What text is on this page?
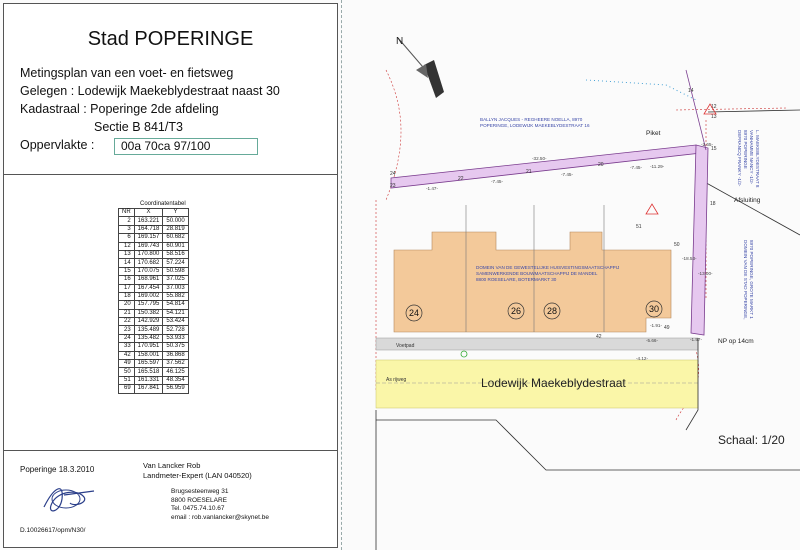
Stad POPERINGE
Metingsplan van een voet- en fietsweg
Gelegen : Lodewijk Maekeblydestraat naast 30
Kadastraal : Poperinge 2de afdeling
Sectie B 841/T3
Oppervlakte :	00a 70ca 97/100
Coordinatentabel
NR	X	Y
2	163.221	50.000
3	164.718	28.819
6	169.157	60.682
12	169.743	60.901
13	170.800	58.516
14	170.682	57.224
15	170.075	50.598
16	168.961	37.025
17	167.454	37.003
18	169.002	55.882
20	157.795	54.814
21	150.382	54.121
22	142.929	53.424
23	135.489	52.728
24	135.482	53.933
33	170.951	50.375
42	158.001	36.868
49	165.597	37.562
50	165.518	46.125
51	161.331	48.354
69	167.841	56.959
Poperinge 18.3.2010	Van Lancker Rob
Landmeter-Expert (LAN 040520)
Brugsesteenweg 31
8800 ROESELARE
Tel. 0475.74.10.67
email : rob.vanlancker@skynet.be
D.10026617/opm/N30/
N
Voetpad
As rijweg	Lodewijk Maekeblydestraat
24	26	28	30
BALLYN JACQUES - REGHEERE NOELLA, 8970
POPERINGE, LODEWIJK MAEKEBLYDESTRAAT 16
DOMEIN VAN DE GEWESTELIJKE HUISVESTINGSMAATSCHAPPIJ
SAMENWERKENDE BOUWMAATSCHAPPIJ DE MANDEL
8800 ROESELARE, BOTERMARKT 30
DEFRANCQ FRANKY -1/2- 8970 POPERINGE VANHAMME NANCY -1/2- L. MAEKEBLYDESTRAAT 8
DOMEIN VAN DE STAD POPERINGE, 8970 POPERINGE, GROTE MARKT 1
Piket
Afsluiting
NP op 14cm
Schaal: 1/20
24
23
22
21
20
14
12
13
15
18
51
50
49
42
-32.50-
-1.47-
-7.45-
-7.45-
-7.45- -11.29-
-1.91-
-1.57-
-5.66-
-18.53-
-13.00-
-2.65-
-4.12-
